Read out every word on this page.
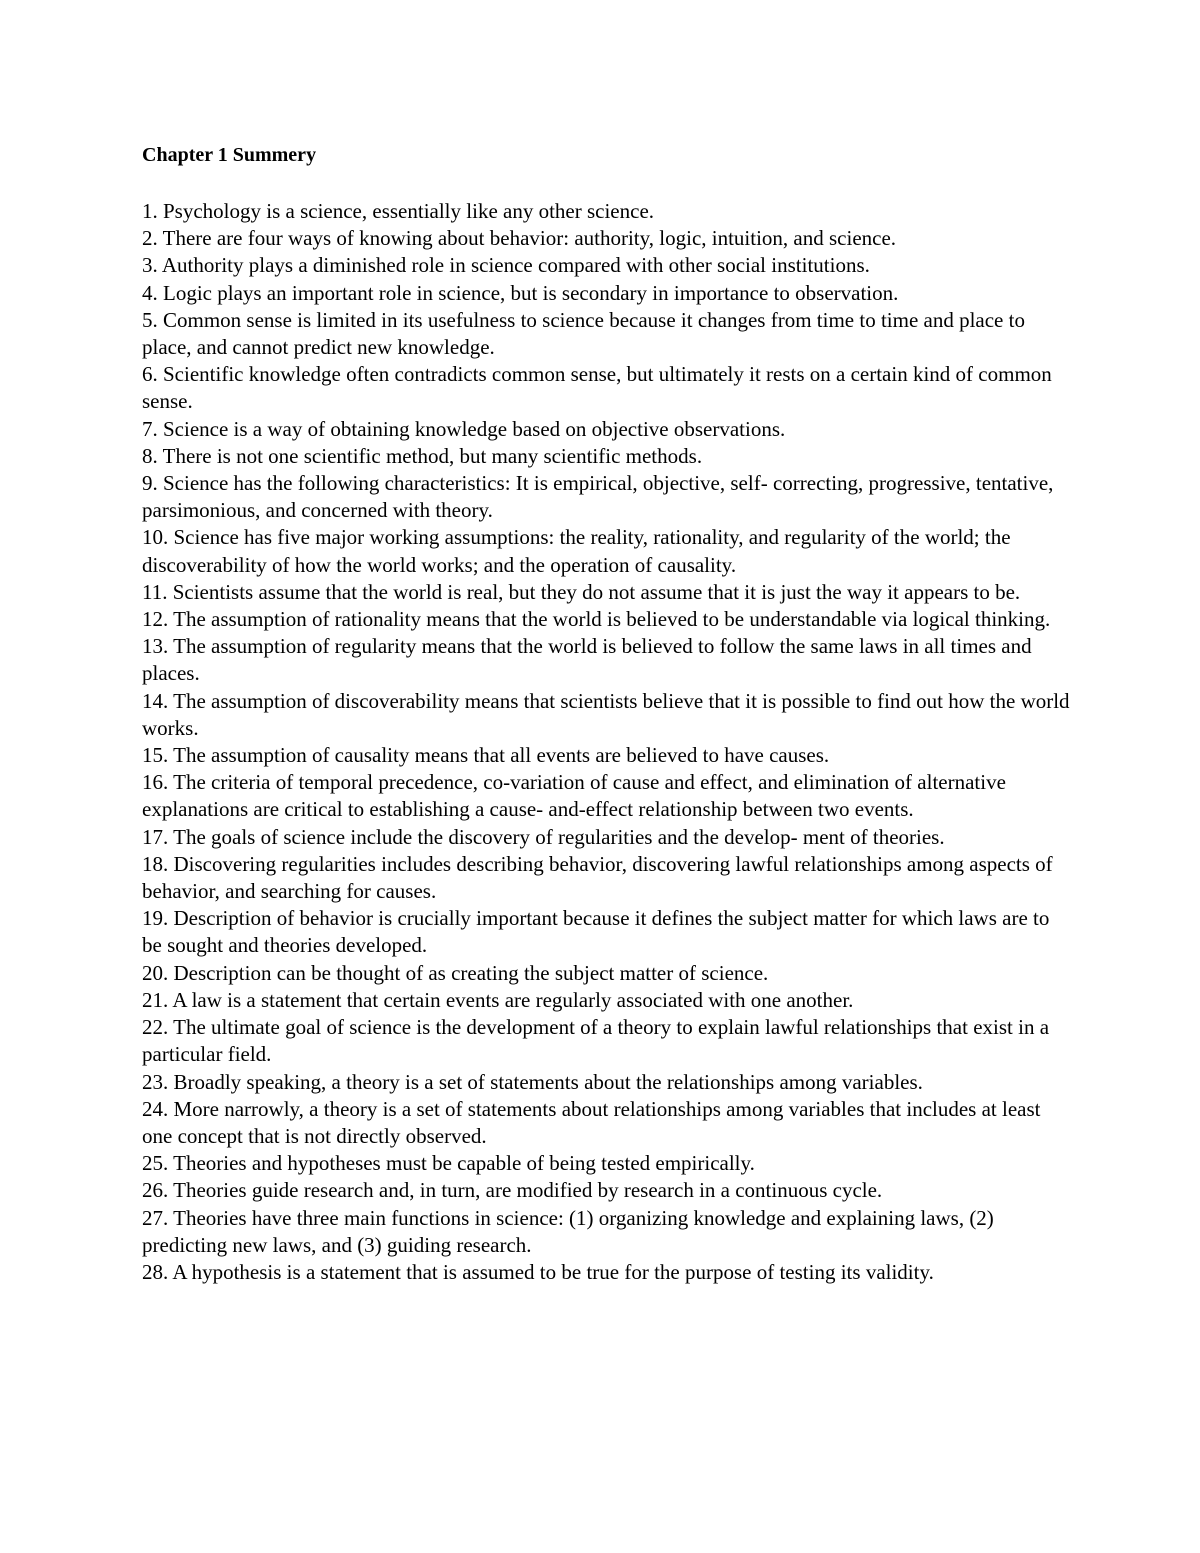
Chapter 1 Summery
1. Psychology is a science, essentially like any other science.
2. There are four ways of knowing about behavior: authority, logic, intuition, and science.
3. Authority plays a diminished role in science compared with other social institutions.
4. Logic plays an important role in science, but is secondary in importance to observation.
5. Common sense is limited in its usefulness to science because it changes from time to time and place to place, and cannot predict new knowledge.
6. Scientific knowledge often contradicts common sense, but ultimately it rests on a certain kind of common sense.
7. Science is a way of obtaining knowledge based on objective observations.
8. There is not one scientific method, but many scientific methods.
9. Science has the following characteristics: It is empirical, objective, self- correcting, progressive, tentative, parsimonious, and concerned with theory.
10. Science has five major working assumptions: the reality, rationality, and regularity of the world; the discoverability of how the world works; and the operation of causality.
11. Scientists assume that the world is real, but they do not assume that it is just the way it appears to be.
12. The assumption of rationality means that the world is believed to be understandable via logical thinking.
13. The assumption of regularity means that the world is believed to follow the same laws in all times and places.
14. The assumption of discoverability means that scientists believe that it is possible to find out how the world works.
15. The assumption of causality means that all events are believed to have causes.
16. The criteria of temporal precedence, co-variation of cause and effect, and elimination of alternative explanations are critical to establishing a cause- and-effect relationship between two events.
17. The goals of science include the discovery of regularities and the develop- ment of theories.
18. Discovering regularities includes describing behavior, discovering lawful relationships among aspects of behavior, and searching for causes.
19. Description of behavior is crucially important because it defines the subject matter for which laws are to be sought and theories developed.
20. Description can be thought of as creating the subject matter of science.
21. A law is a statement that certain events are regularly associated with one another.
22. The ultimate goal of science is the development of a theory to explain lawful relationships that exist in a particular field.
23. Broadly speaking, a theory is a set of statements about the relationships among variables.
24. More narrowly, a theory is a set of statements about relationships among variables that includes at least one concept that is not directly observed.
25. Theories and hypotheses must be capable of being tested empirically.
26. Theories guide research and, in turn, are modified by research in a continuous cycle.
27. Theories have three main functions in science: (1) organizing knowledge and explaining laws, (2) predicting new laws, and (3) guiding research.
28. A hypothesis is a statement that is assumed to be true for the purpose of testing its validity.
